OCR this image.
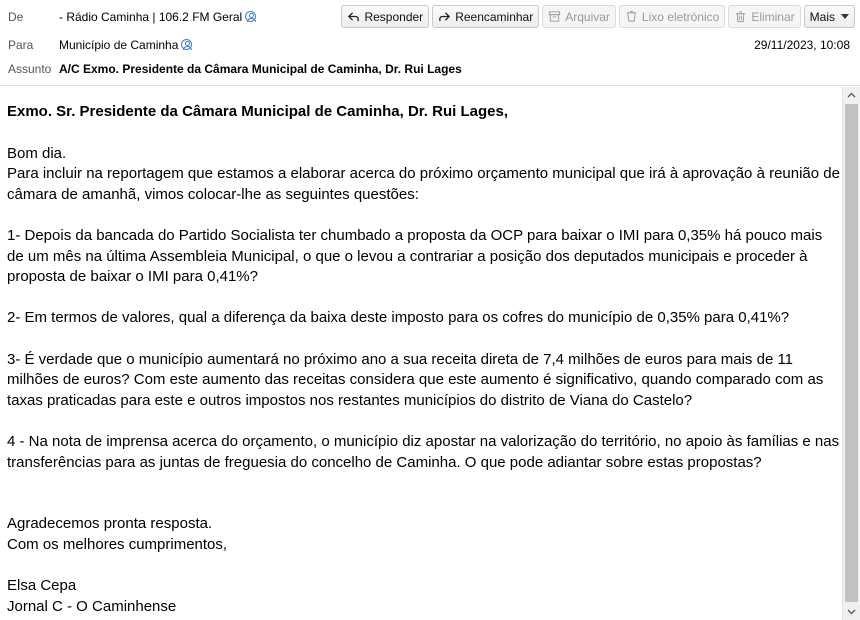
De	- Rádio Caminha | 106.2 FM Geral
Para Município de Caminha
Assunto A/C Exmo. Presidente da Câmara Municipal de Caminha, Dr. Rui Lages
29/11/2023, 10:08
Responder	Reencaminhar	Arquivar	Lixo eletrónico	Eliminar Mais

Exmo. Sr. Presidente da Câmara Municipal de Caminha, Dr. Rui Lages,

Bom dia.

Para incluir na reportagem que estamos a elaborar acerca do próximo orçamento municipal que irá à aprovação à reunião de câmara de amanhã, vimos colocar-lhe as seguintes questões:

1- Depois da bancada do Partido Socialista ter chumbado a proposta da OCP para baixar o IMI para 0,35% há pouco mais de um mês na última Assembleia Municipal, o que o levou a contrariar a posição dos deputados municipais e proceder à proposta de baixar o IMI para 0,41%?

2- Em termos de valores, qual a diferença da baixa deste imposto para os cofres do município de 0,35% para 0,41%?

3- É verdade que o município aumentará no próximo ano a sua receita direta de 7,4 milhões de euros para mais de 11 milhões de euros? Com este aumento das receitas considera que este aumento é significativo, quando comparado com as taxas praticadas para este e outros impostos nos restantes municípios do distrito de Viana do Castelo?

4 - Na nota de imprensa acerca do orçamento, o município diz apostar na valorização do território, no apoio às famílias e nas transferências para as juntas de freguesia do concelho de Caminha. O que pode adiantar sobre estas propostas?

Agradecemos pronta resposta.

Com os melhores cumprimentos,

Elsa Cepa

Jornal C - O Caminhense
